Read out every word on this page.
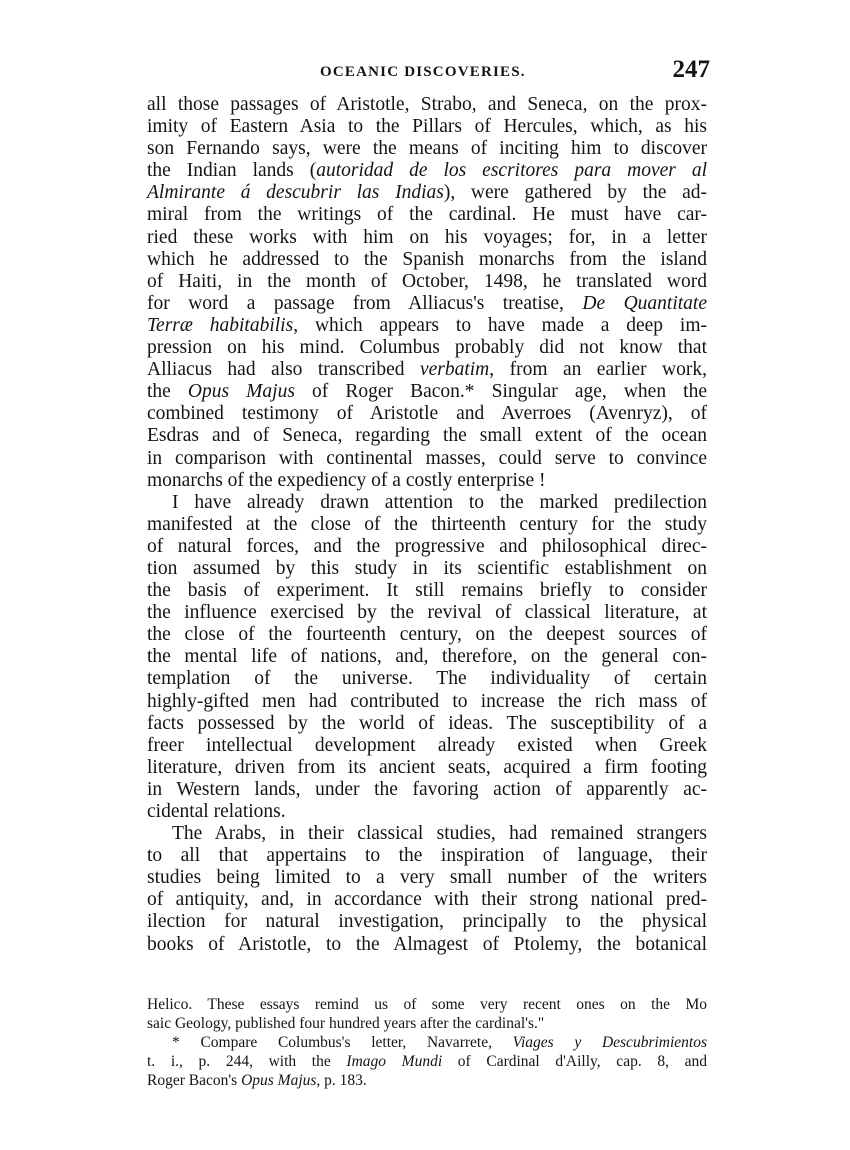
OCEANIC DISCOVERIES.	247
all those passages of Aristotle, Strabo, and Seneca, on the prox-
imity of Eastern Asia to the Pillars of Hercules, which, as his
son Fernando says, were the means of inciting him to discover
the Indian lands (autoridad de los escritores para mover al
Almirante á descubrir las Indias), were gathered by the ad-
miral from the writings of the cardinal. He must have car-
ried these works with him on his voyages; for, in a letter
which he addressed to the Spanish monarchs from the island
of Haiti, in the month of October, 1498, he translated word
for word a passage from Alliacus's treatise, De Quantitate
Terræ habitabilis, which appears to have made a deep im-
pression on his mind. Columbus probably did not know that
Alliacus had also transcribed verbatim, from an earlier work,
the Opus Majus of Roger Bacon.* Singular age, when the
combined testimony of Aristotle and Averroes (Avenryz), of
Esdras and of Seneca, regarding the small extent of the ocean
in comparison with continental masses, could serve to convince
monarchs of the expediency of a costly enterprise !
I have already drawn attention to the marked predilection
manifested at the close of the thirteenth century for the study
of natural forces, and the progressive and philosophical direc-
tion assumed by this study in its scientific establishment on
the basis of experiment. It still remains briefly to consider
the influence exercised by the revival of classical literature, at
the close of the fourteenth century, on the deepest sources of
the mental life of nations, and, therefore, on the general con-
templation of the universe. The individuality of certain
highly-gifted men had contributed to increase the rich mass of
facts possessed by the world of ideas. The susceptibility of a
freer intellectual development already existed when Greek
literature, driven from its ancient seats, acquired a firm footing
in Western lands, under the favoring action of apparently ac-
cidental relations.
The Arabs, in their classical studies, had remained strangers
to all that appertains to the inspiration of language, their
studies being limited to a very small number of the writers
of antiquity, and, in accordance with their strong national pred-
ilection for natural investigation, principally to the physical
books of Aristotle, to the Almagest of Ptolemy, the botanical
Helico. These essays remind us of some very recent ones on the Mo
saic Geology, published four hundred years after the cardinal's."
* Compare Columbus's letter, Navarrete, Viages y Descubrimientos
t. i., p. 244, with the Imago Mundi of Cardinal d'Ailly, cap. 8, and
Roger Bacon's Opus Majus, p. 183.
